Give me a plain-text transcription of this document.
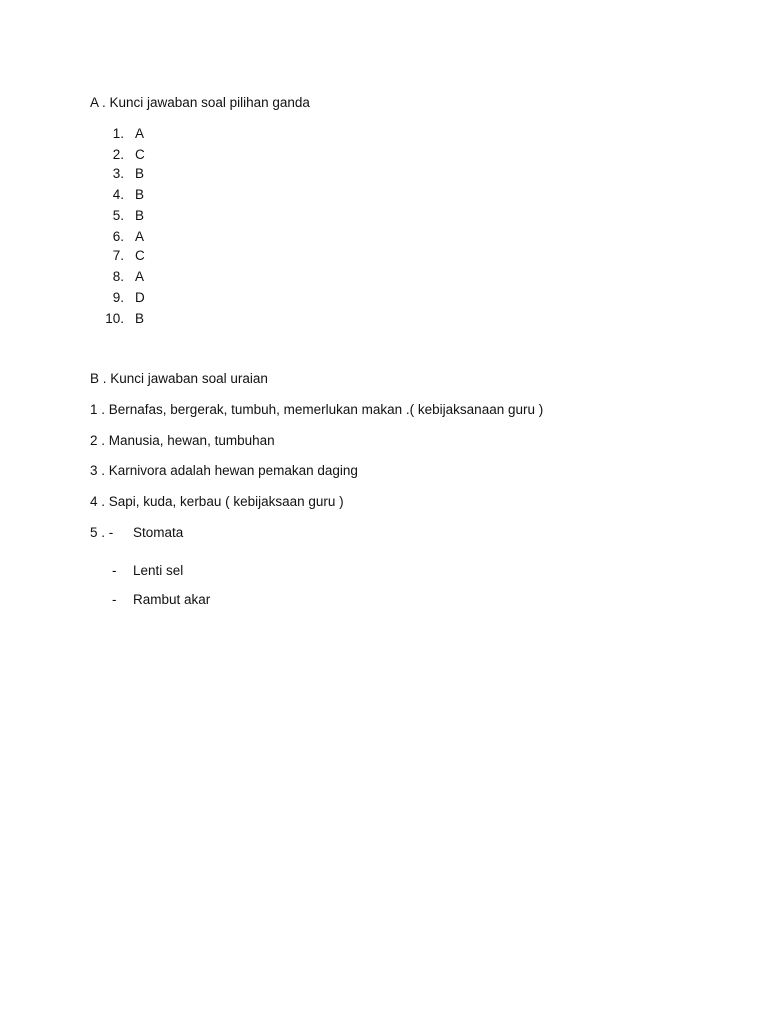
A . Kunci jawaban soal pilihan ganda
1. A
2. C
3. B
4. B
5. B
6. A
7. C
8. A
9. D
10. B
B . Kunci jawaban soal uraian
1 . Bernafas, bergerak, tumbuh, memerlukan makan .( kebijaksanaan guru )
2 . Manusia, hewan, tumbuhan
3 . Karnivora adalah hewan pemakan daging
4 . Sapi, kuda, kerbau ( kebijaksaan guru )
5 . - Stomata
- Lenti sel
- Rambut akar
